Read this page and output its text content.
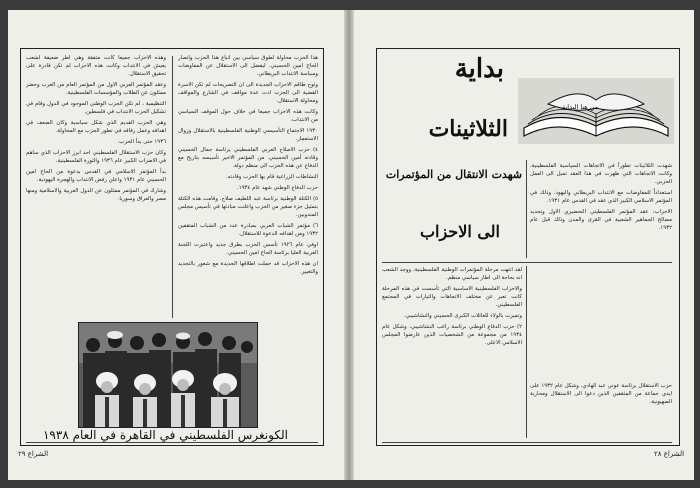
هذا الحزب محاولة لطوق سياسي بين انباع هذا الحزب وانصار الحاج امين الحسيني. ليفضل الى الاستقلال عن المفاوضات وسياسة الانتداب البريطاني.

وثوح طاقم الاحزاب الجديدة الى ان التصريحات لم تكن الاسرة القضية الى الحزب ادت عدة مواقف في الشارع والمواقف ومحاولة الاستقلال.

وكانت هذه الاحزاب جميعا في خلاف حول الموقف السياسي من الانتداب.

١٩٣٠ الاجتماع التأسيسي الوطنية الفلسطينية بالاستقلال وزوال الاستعمار.

٤) حزب الاصلاح العربي الفلسطيني يرئاسة جمال الحسيني وقادته أمين الحسيني. من المؤتمر الاخير تأسيسه بتاريخ مع الدفاع عن هذه الحزب الى منظم دولة.

النشاطات الزراعية قام بها الحزب وقادته.

حزب الدفاع الوطني شهد عام ١٩٣٤.

٥) الكتلة الوطنية برئاسة عبد اللطيف صلاح. وقامت هذه الكتلة بتمثيل جزء صغير من الحزب واعلنت مبادئها في تأسيس مجلس المندوبين.

٦) مؤتمر الشباب العربي بمبادرة عدد من الشباب المتقفين ١٩٣٢ ومن اهدافه الدعوة للاستقلال.

اوفي عام ١٩٢٦ تأسس الحزب بطرق جديد واعتبرت اللجنة العربية العليا برئاسة الحاج امين الحسيني.

ان هذه الاحزاب قد حملت اطلاقها الجديدة مع شعور بالتجديد والتغيير.

وهذه الاحزاب جميعا كانت متفقة وهي اطر ضعيفة لشعب يعيش في الانتداب وكانت هذه الاحزاب لم تكن قادرة على تحقيق الاستقلال.

وعقد المؤتمر العربي الاول من المؤتمر العام من العرب وحضر ممثلون عن الطلاب والمؤسسات الفلسطينية.

التنظيمية ، لم تكن الحزب الوطني الموجود في الدول وقام في تشكيل الحزب الانتداب في فلسطين.

وهي الحزب القديم الذي شكل سياسية وكان الضعف في اهدافه وعمل رفاقه في تطور الحزب مع المحاولة.

١٩٣٦ حتى بدأ الحزب.

وكان حزب الاستقلال الفلسطيني احد ابرز الاحزاب الذي ساهم في الاضراب الكبير عام ١٩٣٦ والثورة الفلسطينية.

بدأ المؤتمر الاسلامي في القدس بدعوة من الحاج امين الحسيني عام ١٩٣١ واعلن رفض الانتداب والهجرة اليهودية.

وشارك في المؤتمر ممثلون عن الدول العربية والاسلامية ومنها مصر والعراق وسوريا.

الكونغرس الفلسطيني في القاهرة في العام ١٩٣٨
الشراع ٢٩
بداية
الثلاثينات
شهدت الانتقال من المؤتمرات
الى الاحزاب
من هنا البداية

شهدت الثلاثينات تطوراً في الاتجاهات السياسية الفلسطينية، وكانت الاتجاهات التي ظهرت في هذا العقد تميل الى العمل الحزبي.

استعداداً للمفاوضات مع الانتداب البريطاني واليهود. وذلك في المؤتمر الاسلامي الكبير الذي عقد في القدس عام ١٩٣١.

الاحزاب: عقد المؤتمر الفلسطيني التحضيري الاول وتحديد مصالح الجماهير الشعبية في القرى والمدن وذلك قبل عام ١٩٣٢.

لقد انتهت مرحلة المؤتمرات الوطنية الفلسطينية، ووجد الشعب انه بحاجة الى اطار سياسي منظم.

والاحزاب الفلسطينية الاساسية التي تأسست في هذه المرحلة كانت تعبر عن مختلف الاتجاهات والتيارات في المجتمع الفلسطيني.

وتميزت بالولاء للعائلات الكبرى الحسيني والنشاشيبي.

٢) حزب الدفاع الوطني برئاسة راغب النشاشيبي، وشكل عام ١٩٣٤ من مجموعة من الشخصيات الذين عارضوا المجلس الاسلامي الاعلى.

حزب الاستقلال برئاسة عوني عبد الهادي، وشكل عام ١٩٣٢ على ايدي جماعة من المثقفين الذين دعوا الى الاستقلال ومحاربة الصهيونية.

الشراع ٢٨
